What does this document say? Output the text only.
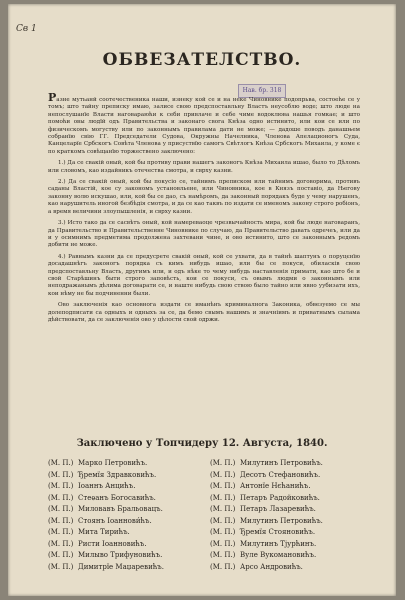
Св 1
Нав. бр. 318
ОБВЕЗАТЕЛСТВО.

Разне мутьанй соотечественика наши, изнеку кой се и на неке Чиновнике подопрьва, состоеће се у томъ; што тайну преписку имаю, залисе свою предспоставльну Властъ неусоблю воде; што люде на непослушанїе Власти наговараюћи к себи привлаче и себе чиме водоклюва нашья гомкае; и што помоћи овы людїй одъ Правительства и законаго свога Кнѣза одно истинито, или кои се или по физическомъ могуству или по законнымъ правилама дати не може; — дадоше поводъ данашњем собранїю свію ГГ. Председатели Судова, Окружны Начелника, Членова Апелационогъ Суда, Канцеларїе Србскогъ Совѣта Членова у присуствїю самогъ Свѣтлогъ Кнѣза Србскогъ Михаила, у коме є по краткомъ совѣщанїю торжествено заключено:

1.) Да се свакій оный, кой бы противу прави нашегъ законогъ Кнѣза Михаила ишао, было то Дѣломъ или словомъ, као издайникъ отечества смотра, и сврху казни.

2.) Да се свакій оный, кой бы покусіо се, тайнимъ преписком или тайнимъ договорима, противъ саданы Властій, кое су закономъ установльене, или Чиновника, кое в Князъ поставіо, да Његову законну волю искушао, или, кой бы се дао, съ намѣромъ, да законный порядакъ буде у чему нарушенъ, као нарушитель иногой безбѣдія смотра, и да се као таквъ по издати се именомъ закону строго робіонъ, а время величини злоупышленія, и сврху казни.

3.) Исто тако да се сасвѣтъ оный, кой намереваоце чрезвычайность мира, кой бы люде наговаранъ, да Правительство и Правительственне Чиновнике по случаю, да Правительство давать одречеъ, или да и у осимнимъ предметима продолжена захтевани чине, и ово истинито, што се законнымъ редомъ добити не може.

4.) Равнымъ казни да се предусрете свакій оный, кой се ухвати, да в тайнѣ шаптунъ о поруцєнїю досадашнѣгъ законогъ порядка съ кимъ нибудь ишао, или бы се покуси, обиласків свою предспоставльну Власть, другимъ или, и одъ нѣке то чему нибудь наставленія примати, као што бе и свой Старѣшинъ быти строго заповѣсть, кои се покуси, съ овымъ людми о законнымъ или неподражанымъ дѣлима договарати се, и наште нибудь свою ствою было тайно или явно уубизати ихъ, кои нѣму не бы подчиненни были.

Ово заключенія као основнога издати се иманѣнъ криминалнога Законика, обвезуемо се мы долеподписати са одныхъ и одныхъ за се, да бемо свымъ нашимъ и значніимъ и приватнымъ сылама дѣйствовати, да се заключенія ово у цѣлости свой одржи.

Заключено у Топчидеру 12. Августа, 1840.
(М. П.) Марко Петровићъ.
(М. П.) Ђремїя Здравковићъ.
(М. П.) Іоаннъ Анцићъ.
(М. П.) Стеѳанъ Богосавићъ.
(М. П.) Миловавъ Бральовацъ.
(М. П.) Стоянъ Іоаннови́ћъ.
(М. П.) Мита Тирићъ.
(М. П.) Ристи Іоанновићъ.
(М. П.) Милыво Трифуновићъ.
(М. П.) Димитрїе Маџаревићъ.
(М. П.) Милутинъ Петровићъ.
(М. П.) Десотъ Стефановићъ.
(М. П.) Антонїе Нєћанићъ.
(М. П.) Петаръ Радойковићъ.
(М. П.) Петаръ Лазаревићъ.
(М. П.) Милутинъ Петровићъ.
(М. П.) Ђремїя Стояновићъ.
(М. П.) Милутинъ Тјурћинъ.
(М. П.) Вуле Вукомановићъ.
(М. П.) Арсо Андровићъ.
